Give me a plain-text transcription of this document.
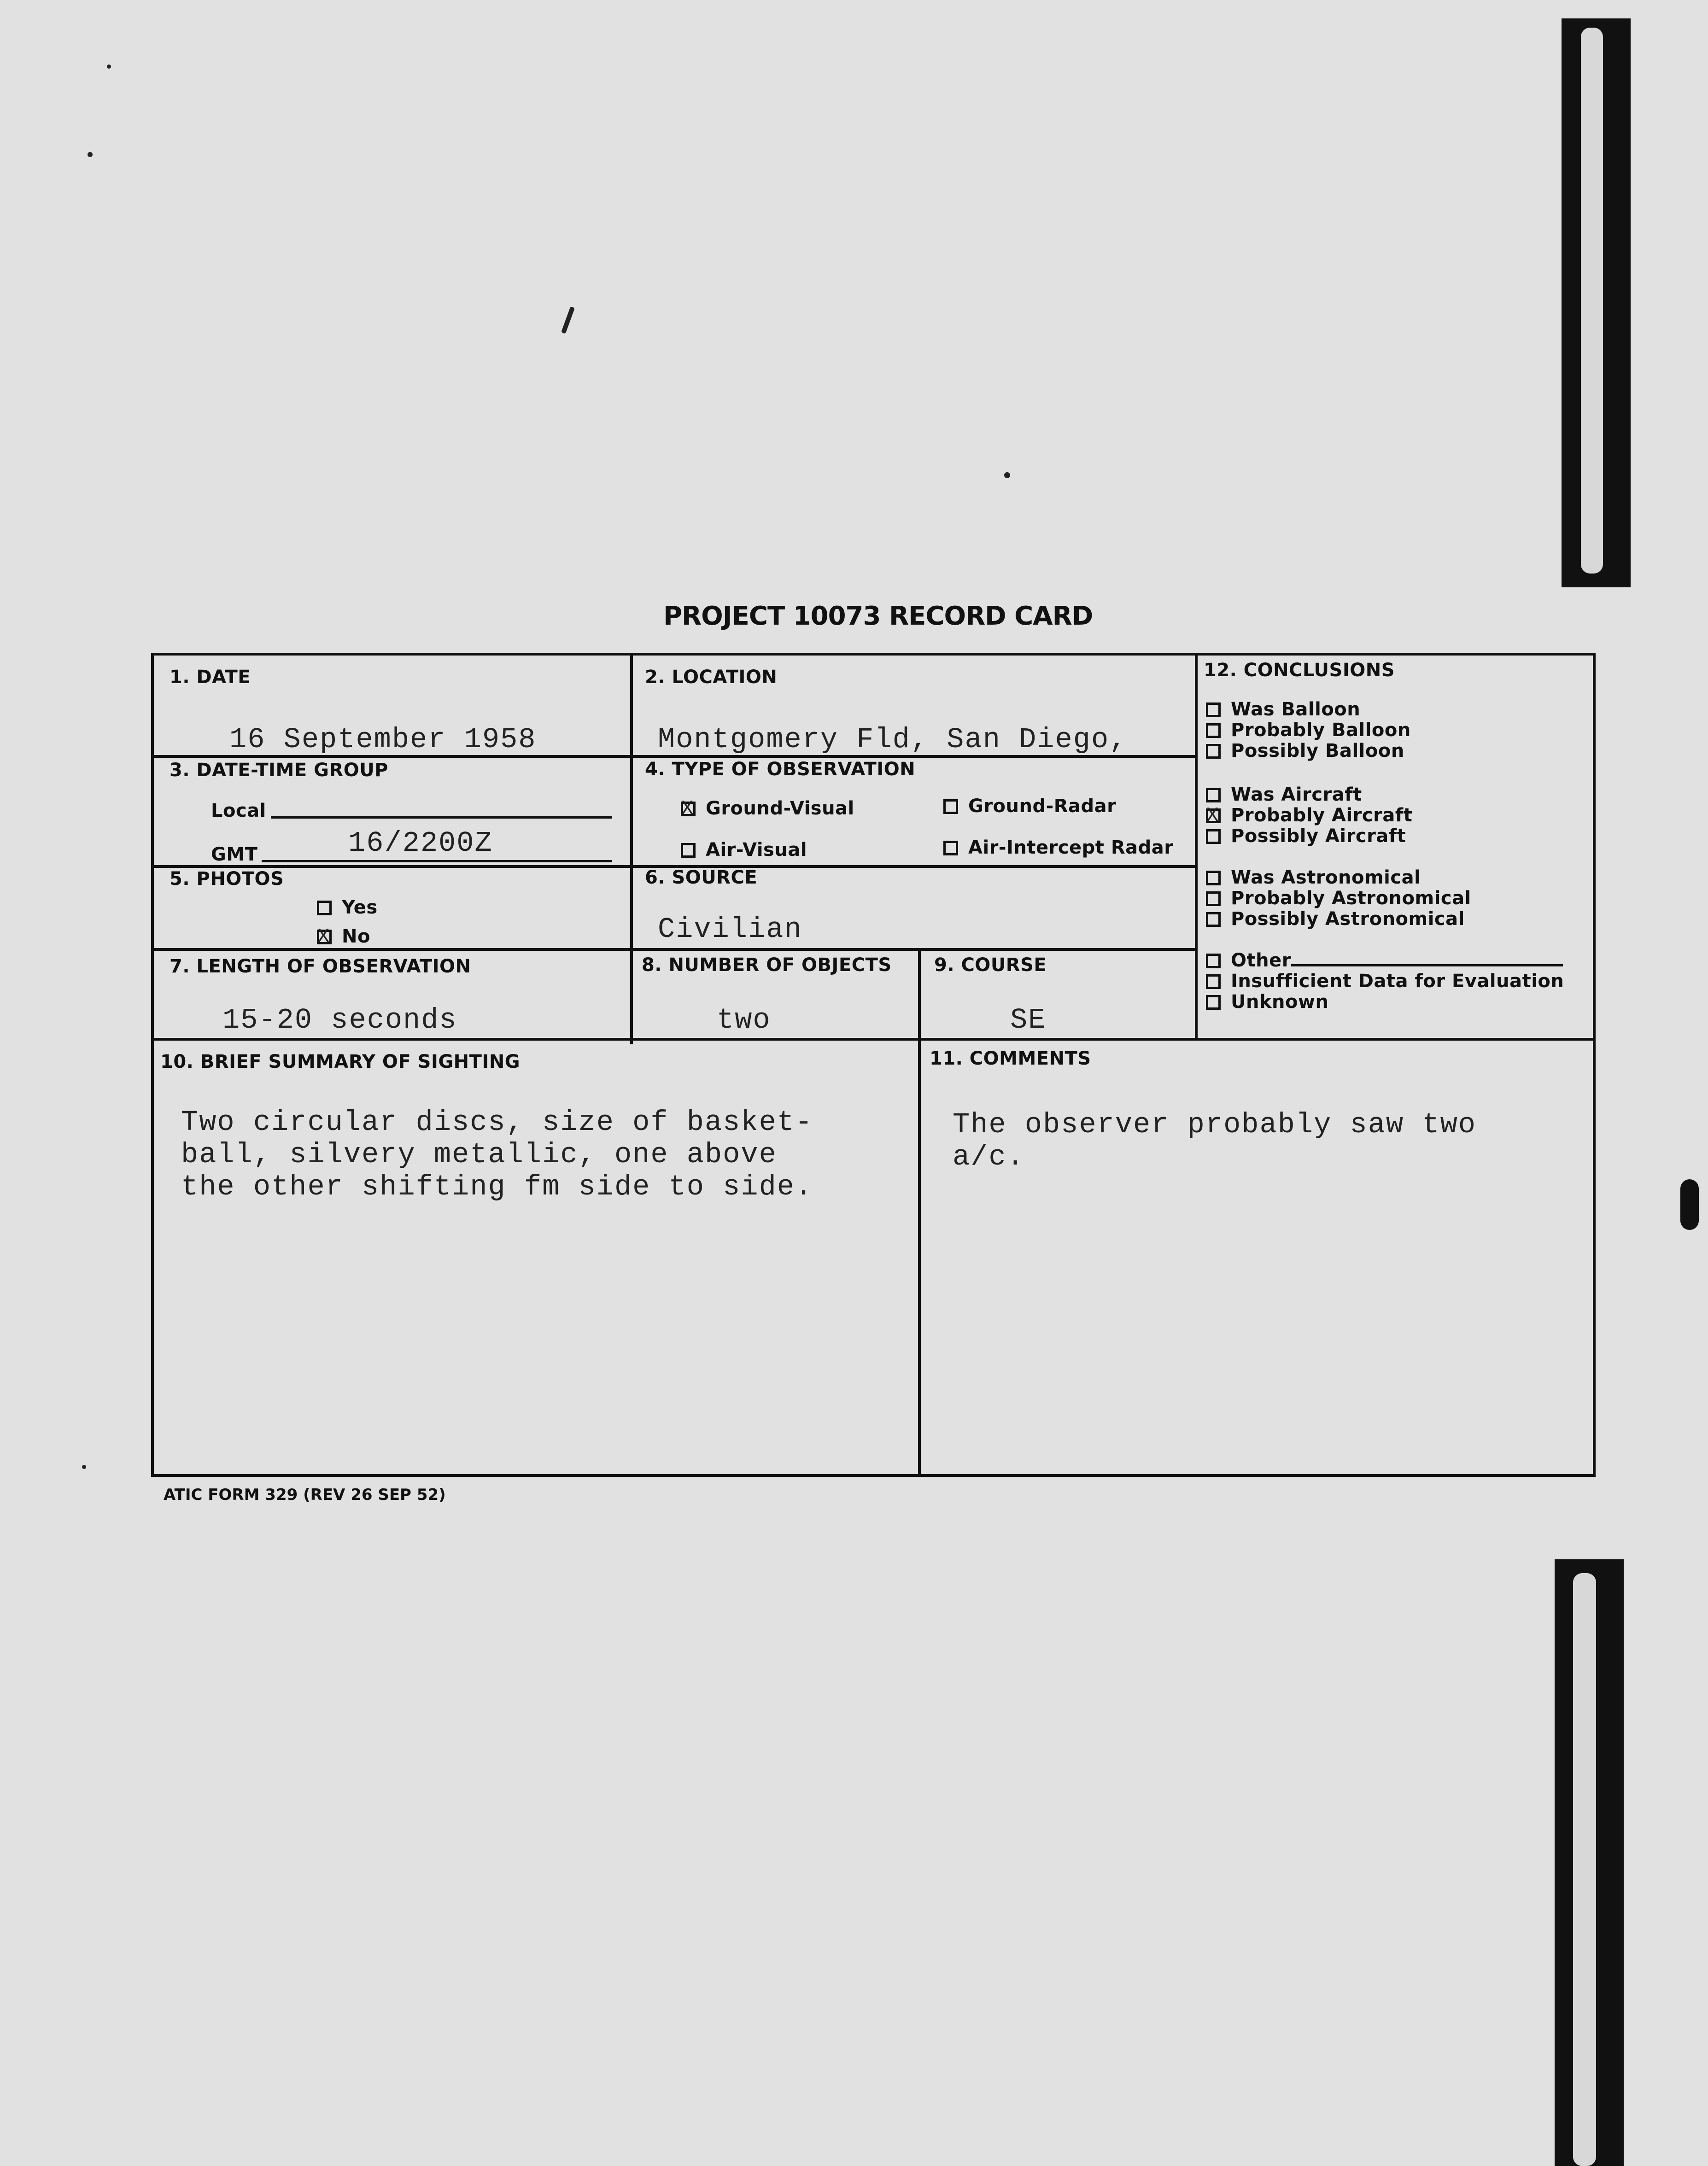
PROJECT 10073 RECORD CARD
1. DATE
16 September 1958
2. LOCATION
Montgomery Fld, San Diego,
3. DATE-TIME GROUP
Local
GMT	16/2200Z
4. TYPE OF OBSERVATION
XGround-Visual	Ground-Radar
Air-Visual	Air-Intercept Radar
5. PHOTOS
Yes
XNo
6. SOURCE
Civilian
7. LENGTH OF OBSERVATION
15-20 seconds
8. NUMBER OF OBJECTS
two
9. COURSE
SE
10. BRIEF SUMMARY OF SIGHTING
Two circular discs, size of basket-
ball, silvery metallic, one above
the other shifting fm side to side.
11. COMMENTS
The observer probably saw two
a/c.
12. CONCLUSIONS
Was Balloon
Probably Balloon
Possibly Balloon
Was Aircraft
XProbably Aircraft
Possibly Aircraft
Was Astronomical
Probably Astronomical
Possibly Astronomical
Other
Insufficient Data for Evaluation
Unknown
ATIC FORM 329 (REV 26 SEP 52)
